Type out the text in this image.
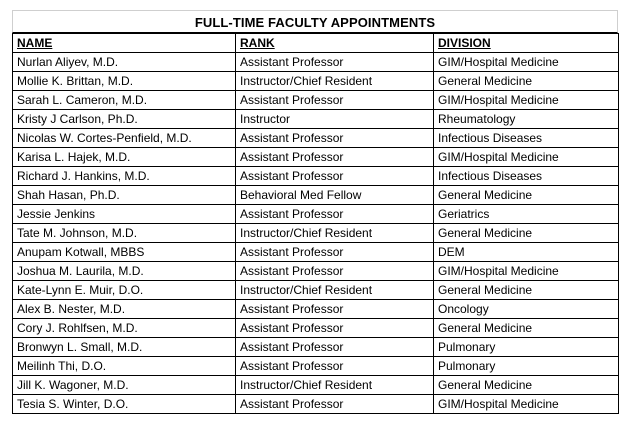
FULL-TIME FACULTY APPOINTMENTS
NAME	RANK	DIVISION
Nurlan Aliyev, M.D.	Assistant Professor	GIM/Hospital Medicine
Mollie K. Brittan, M.D.	Instructor/Chief Resident	General Medicine
Sarah L. Cameron, M.D.	Assistant Professor	GIM/Hospital Medicine
Kristy J Carlson, Ph.D.	Instructor	Rheumatology
Nicolas W. Cortes-Penfield, M.D.	Assistant Professor	Infectious Diseases
Karisa L. Hajek, M.D.	Assistant Professor	GIM/Hospital Medicine
Richard J. Hankins, M.D.	Assistant Professor	Infectious Diseases
Shah Hasan, Ph.D.	Behavioral Med Fellow	General Medicine
Jessie Jenkins	Assistant Professor	Geriatrics
Tate M. Johnson, M.D.	Instructor/Chief Resident	General Medicine
Anupam Kotwall, MBBS	Assistant Professor	DEM
Joshua M. Laurila, M.D.	Assistant Professor	GIM/Hospital Medicine
Kate-Lynn E. Muir, D.O.	Instructor/Chief Resident	General Medicine
Alex B. Nester, M.D.	Assistant Professor	Oncology
Cory J. Rohlfsen, M.D.	Assistant Professor	General Medicine
Bronwyn L. Small, M.D.	Assistant Professor	Pulmonary
Meilinh Thi, D.O.	Assistant Professor	Pulmonary
Jill K. Wagoner, M.D.	Instructor/Chief Resident	General Medicine
Tesia S. Winter, D.O.	Assistant Professor	GIM/Hospital Medicine
